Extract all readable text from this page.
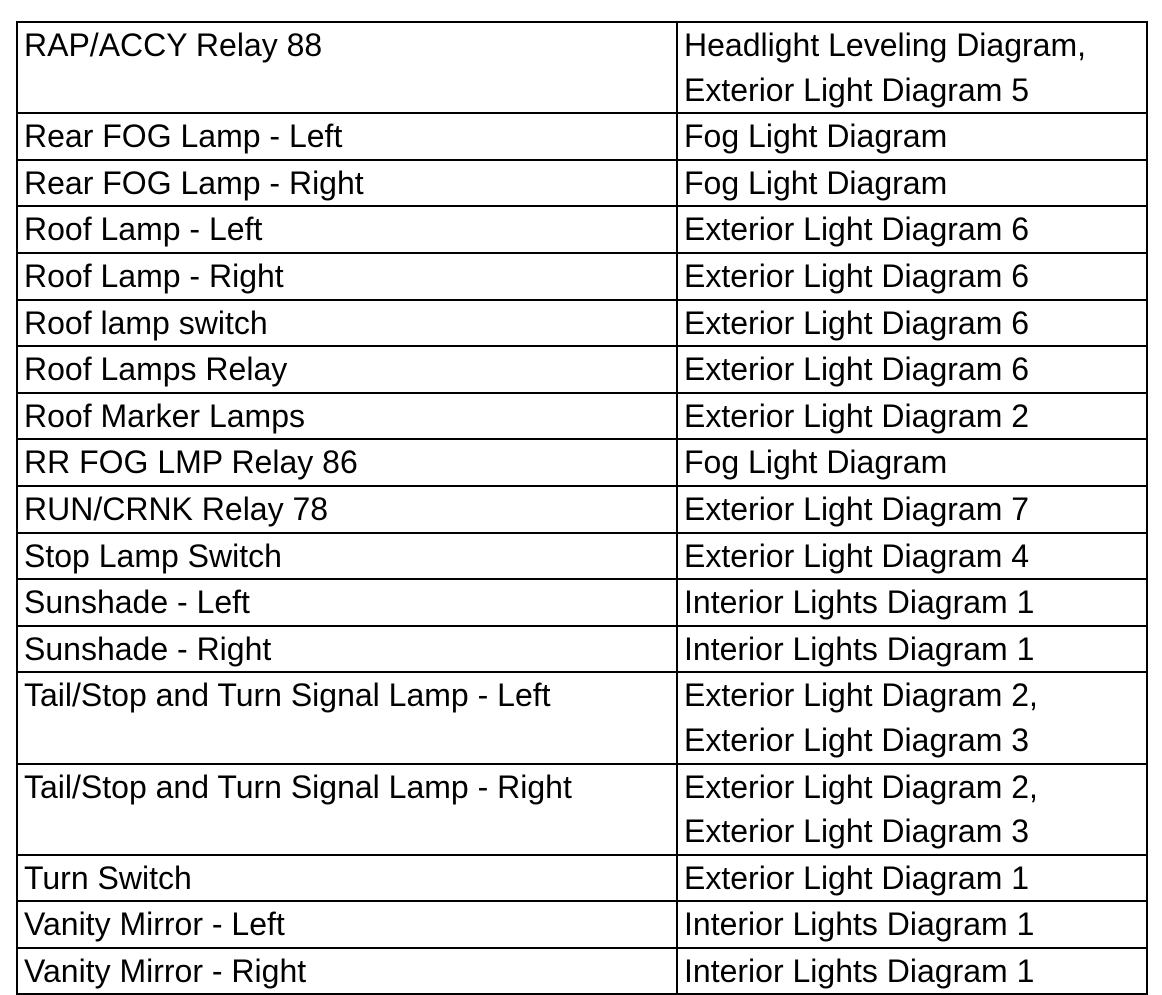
RAP/ACCY Relay 88	Headlight Leveling Diagram,
Exterior Light Diagram 5
Rear FOG Lamp - Left	Fog Light Diagram
Rear FOG Lamp - Right	Fog Light Diagram
Roof Lamp - Left	Exterior Light Diagram 6
Roof Lamp - Right	Exterior Light Diagram 6
Roof lamp switch	Exterior Light Diagram 6
Roof Lamps Relay	Exterior Light Diagram 6
Roof Marker Lamps	Exterior Light Diagram 2
RR FOG LMP Relay 86	Fog Light Diagram
RUN/CRNK Relay 78	Exterior Light Diagram 7
Stop Lamp Switch	Exterior Light Diagram 4
Sunshade - Left	Interior Lights Diagram 1
Sunshade - Right	Interior Lights Diagram 1
Tail/Stop and Turn Signal Lamp - Left	Exterior Light Diagram 2,
Exterior Light Diagram 3
Tail/Stop and Turn Signal Lamp - Right	Exterior Light Diagram 2,
Exterior Light Diagram 3
Turn Switch	Exterior Light Diagram 1
Vanity Mirror - Left	Interior Lights Diagram 1
Vanity Mirror - Right	Interior Lights Diagram 1
